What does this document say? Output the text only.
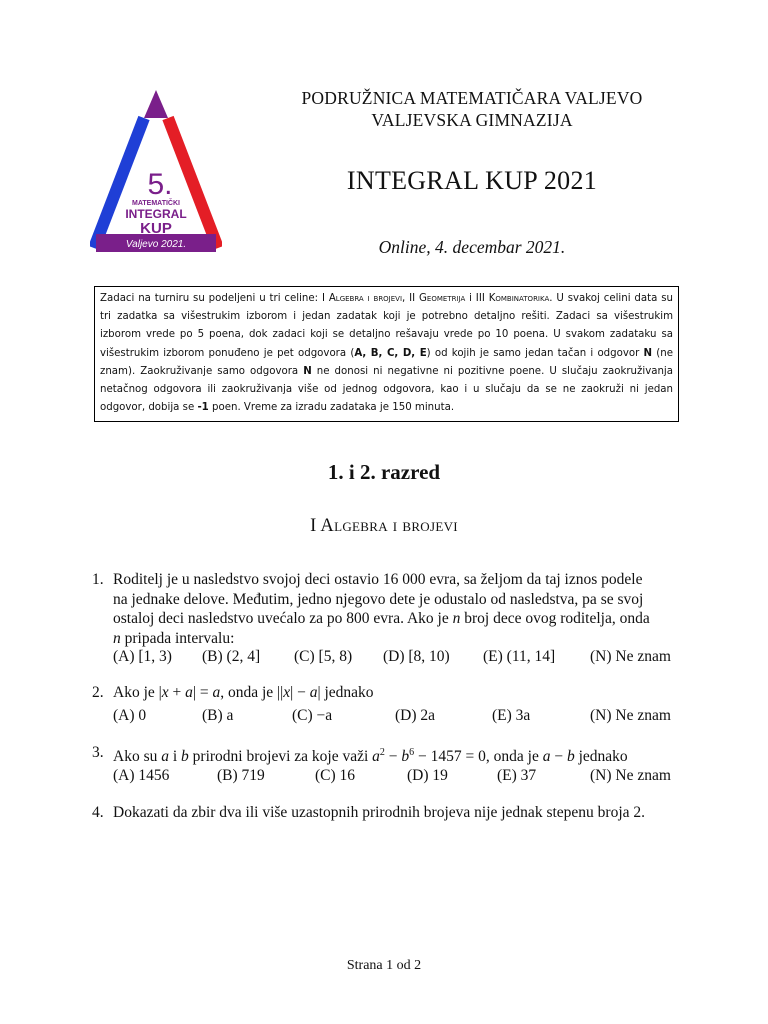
5.
MATEMATIČKI
INTEGRAL
KUP
Valjevo 2021.
PODRUŽNICA MATEMATIČARA VALJEVO
VALJEVSKA GIMNAZIJA
INTEGRAL KUP 2021
Online, 4. decembar 2021.
Zadaci na turniru su podeljeni u tri celine: I Algebra i brojevi, II Geometrija i III Kombinatorika. U svakoj celini data su tri zadatka sa višestrukim izborom i jedan zadatak koji je potrebno detaljno rešiti. Zadaci sa višestrukim izborom vrede po 5 poena, dok zadaci koji se detaljno rešavaju vrede po 10 poena. U svakom zadataku sa višestrukim izborom ponuđeno je pet odgovora (A, B, C, D, E) od kojih je samo jedan tačan i odgovor N (ne znam). Zaokruživanje samo odgovora N ne donosi ni negativne ni pozitivne poene. U slučaju zaokruživanja netačnog odgovora ili zaokruživanja više od jednog odgovora, kao i u slučaju da se ne zaokruži ni jedan odgovor, dobija se -1 poen. Vreme za izradu zadataka je 150 minuta.
1. i 2. razred
I Algebra i brojevi
1. Roditelj je u nasledstvo svojoj deci ostavio 16 000 evra, sa željom da taj iznos podele
na jednake delove. Međutim, jedno njegovo dete je odustalo od nasledstva, pa se svoj
ostaloj deci nasledstvo uvećalo za po 800 evra. Ako je n broj dece ovog roditelja, onda
n pripada intervalu:
(A) [1, 3) (B) (2, 4] (C) [5, 8) (D) [8, 10) (E) (11, 14] (N) Ne znam
2. Ako je |x + a| = a, onda je ||x| − a| jednako
(A) 0	(B) a	(C) −a	(D) 2a	(E) 3a	(N) Ne znam
3. Ako su a i b prirodni brojevi za koje važi $a^2 - b^6 - 1457 = 0$, onda je a − b jednako
(A) 1456	(B) 719	(C) 16	(D) 19	(E) 37	(N) Ne znam
4. Dokazati da zbir dva ili više uzastopnih prirodnih brojeva nije jednak stepenu broja 2.
Strana 1 od 2
